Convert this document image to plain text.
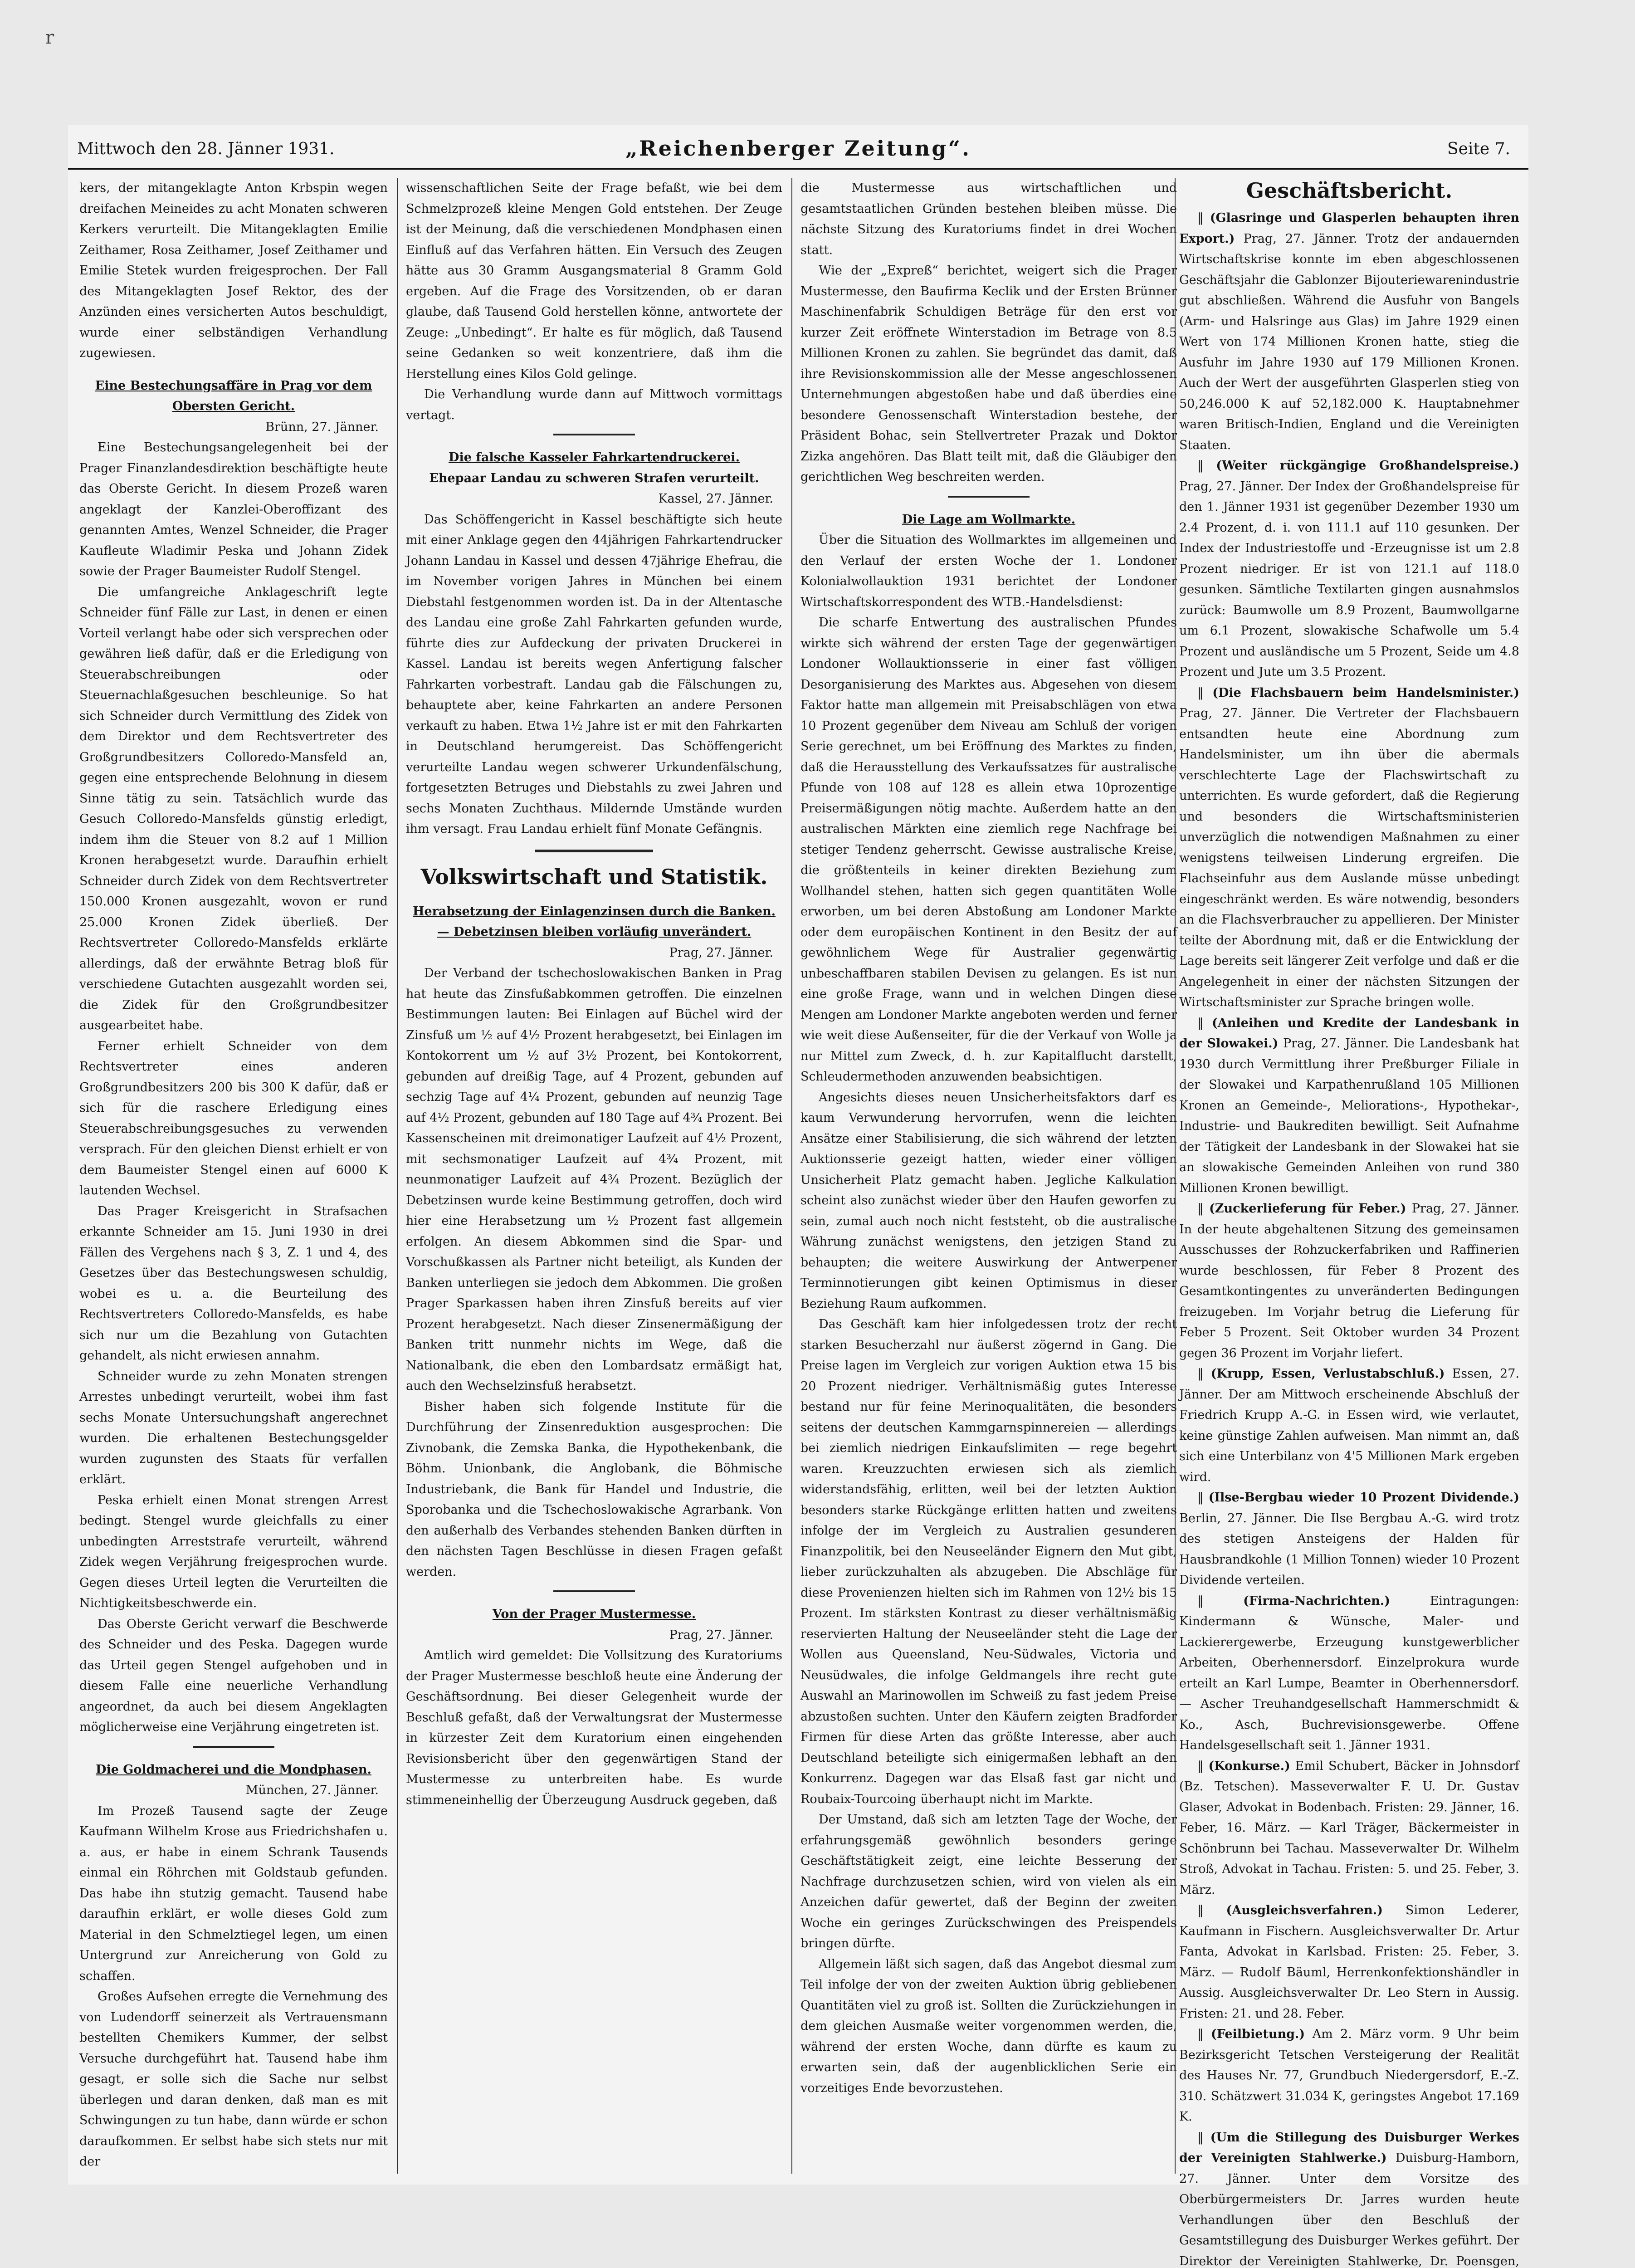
r
Mittwoch den 28. Jänner 1931.	„Reichenberger Zeitung“.	Seite 7.

kers, der mitangeklagte Anton Krbspin wegen dreifachen Meineides zu acht Monaten schweren Kerkers verurteilt. Die Mitangeklagten Emilie Zeithamer, Rosa Zeithamer, Josef Zeithamer und Emilie Stetek wurden freigesprochen. Der Fall des Mitangeklagten Josef Rektor, des der Anzünden eines versicherten Autos beschuldigt, wurde einer selbständigen Verhandlung zugewiesen.

Eine Bestechungsaffäre in Prag vor dem Obersten Gericht.

Brünn, 27. Jänner.

Eine Bestechungsangelegenheit bei der Prager Finanzlandesdirektion beschäftigte heute das Oberste Gericht. In diesem Prozeß waren angeklagt der Kanzlei-Oberoffizant des genannten Amtes, Wenzel Schneider, die Prager Kaufleute Wladimir Peska und Johann Zidek sowie der Prager Baumeister Rudolf Stengel.

Die umfangreiche Anklageschrift legte Schneider fünf Fälle zur Last, in denen er einen Vorteil verlangt habe oder sich versprechen oder gewähren ließ dafür, daß er die Erledigung von Steuerabschreibungen oder Steuernachlaßgesuchen beschleunige. So hat sich Schneider durch Vermittlung des Zidek von dem Direktor und dem Rechtsvertreter des Großgrundbesitzers Colloredo-Mansfeld an, gegen eine entsprechende Belohnung in diesem Sinne tätig zu sein. Tatsächlich wurde das Gesuch Colloredo-Mansfelds günstig erledigt, indem ihm die Steuer von 8.2 auf 1 Million Kronen herabgesetzt wurde. Daraufhin erhielt Schneider durch Zidek von dem Rechtsvertreter 150.000 Kronen ausgezahlt, wovon er rund 25.000 Kronen Zidek überließ. Der Rechtsvertreter Colloredo-Mansfelds erklärte allerdings, daß der erwähnte Betrag bloß für verschiedene Gutachten ausgezahlt worden sei, die Zidek für den Großgrundbesitzer ausgearbeitet habe.

Ferner erhielt Schneider von dem Rechtsvertreter eines anderen Großgrundbesitzers 200 bis 300 K dafür, daß er sich für die raschere Erledigung eines Steuerabschreibungsgesuches zu verwenden versprach. Für den gleichen Dienst erhielt er von dem Baumeister Stengel einen auf 6000 K lautenden Wechsel.

Das Prager Kreisgericht in Strafsachen erkannte Schneider am 15. Juni 1930 in drei Fällen des Vergehens nach § 3, Z. 1 und 4, des Gesetzes über das Bestechungswesen schuldig, wobei es u. a. die Beurteilung des Rechtsvertreters Colloredo-Mansfelds, es habe sich nur um die Bezahlung von Gutachten gehandelt, als nicht erwiesen annahm.

Schneider wurde zu zehn Monaten strengen Arrestes unbedingt verurteilt, wobei ihm fast sechs Monate Untersuchungshaft angerechnet wurden. Die erhaltenen Bestechungsgelder wurden zugunsten des Staats für verfallen erklärt.

Peska erhielt einen Monat strengen Arrest bedingt. Stengel wurde gleichfalls zu einer unbedingten Arreststrafe verurteilt, während Zidek wegen Verjährung freigesprochen wurde. Gegen dieses Urteil legten die Verurteilten die Nichtigkeitsbeschwerde ein.

Das Oberste Gericht verwarf die Beschwerde des Schneider und des Peska. Dagegen wurde das Urteil gegen Stengel aufgehoben und in diesem Falle eine neuerliche Verhandlung angeordnet, da auch bei diesem Angeklagten möglicherweise eine Verjährung eingetreten ist.

Die Goldmacherei und die Mondphasen.

München, 27. Jänner.

Im Prozeß Tausend sagte der Zeuge Kaufmann Wilhelm Krose aus Friedrichshafen u. a. aus, er habe in einem Schrank Tausends einmal ein Röhrchen mit Goldstaub gefunden. Das habe ihn stutzig gemacht. Tausend habe daraufhin erklärt, er wolle dieses Gold zum Material in den Schmelztiegel legen, um einen Untergrund zur Anreicherung von Gold zu schaffen.

Großes Aufsehen erregte die Vernehmung des von Ludendorff seinerzeit als Vertrauensmann bestellten Chemikers Kummer, der selbst Versuche durchgeführt hat. Tausend habe ihm gesagt, er solle sich die Sache nur selbst überlegen und daran denken, daß man es mit Schwingungen zu tun habe, dann würde er schon daraufkommen. Er selbst habe sich stets nur mit der

wissenschaftlichen Seite der Frage befaßt, wie bei dem Schmelzprozeß kleine Mengen Gold entstehen. Der Zeuge ist der Meinung, daß die verschiedenen Mondphasen einen Einfluß auf das Verfahren hätten. Ein Versuch des Zeugen hätte aus 30 Gramm Ausgangsmaterial 8 Gramm Gold ergeben. Auf die Frage des Vorsitzenden, ob er daran glaube, daß Tausend Gold herstellen könne, antwortete der Zeuge: „Unbedingt“. Er halte es für möglich, daß Tausend seine Gedanken so weit konzentriere, daß ihm die Herstellung eines Kilos Gold gelinge.

Die Verhandlung wurde dann auf Mittwoch vormittags vertagt.

Die falsche Kasseler Fahrkartendruckerei.

Ehepaar Landau zu schweren Strafen verurteilt.

Kassel, 27. Jänner.

Das Schöffengericht in Kassel beschäftigte sich heute mit einer Anklage gegen den 44jährigen Fahrkartendrucker Johann Landau in Kassel und dessen 47jährige Ehefrau, die im November vorigen Jahres in München bei einem Diebstahl festgenommen worden ist. Da in der Altentasche des Landau eine große Zahl Fahrkarten gefunden wurde, führte dies zur Aufdeckung der privaten Druckerei in Kassel. Landau ist bereits wegen Anfertigung falscher Fahrkarten vorbestraft. Landau gab die Fälschungen zu, behauptete aber, keine Fahrkarten an andere Personen verkauft zu haben. Etwa 1½ Jahre ist er mit den Fahrkarten in Deutschland herumgereist. Das Schöffengericht verurteilte Landau wegen schwerer Urkundenfälschung, fortgesetzten Betruges und Diebstahls zu zwei Jahren und sechs Monaten Zuchthaus. Mildernde Umstände wurden ihm versagt. Frau Landau erhielt fünf Monate Gefängnis.

Volkswirtschaft und Statistik.

Herabsetzung der Einlagenzinsen durch die Banken. — Debetzinsen bleiben vorläufig unverändert.

Prag, 27. Jänner.

Der Verband der tschechoslowakischen Banken in Prag hat heute das Zinsfußabkommen getroffen. Die einzelnen Bestimmungen lauten: Bei Einlagen auf Büchel wird der Zinsfuß um ½ auf 4½ Prozent herabgesetzt, bei Einlagen im Kontokorrent um ½ auf 3½ Prozent, bei Kontokorrent, gebunden auf dreißig Tage, auf 4 Prozent, gebunden auf sechzig Tage auf 4¼ Prozent, gebunden auf neunzig Tage auf 4½ Prozent, gebunden auf 180 Tage auf 4¾ Prozent. Bei Kassenscheinen mit dreimonatiger Laufzeit auf 4½ Prozent, mit sechsmonatiger Laufzeit auf 4¾ Prozent, mit neunmonatiger Laufzeit auf 4¾ Prozent. Bezüglich der Debetzinsen wurde keine Bestimmung getroffen, doch wird hier eine Herabsetzung um ½ Prozent fast allgemein erfolgen. An diesem Abkommen sind die Spar- und Vorschußkassen als Partner nicht beteiligt, als Kunden der Banken unterliegen sie jedoch dem Abkommen. Die großen Prager Sparkassen haben ihren Zinsfuß bereits auf vier Prozent herabgesetzt. Nach dieser Zinsenermäßigung der Banken tritt nunmehr nichts im Wege, daß die Nationalbank, die eben den Lombardsatz ermäßigt hat, auch den Wechselzinsfuß herabsetzt.

Bisher haben sich folgende Institute für die Durchführung der Zinsenreduktion ausgesprochen: Die Zivnobank, die Zemska Banka, die Hypothekenbank, die Böhm. Unionbank, die Anglobank, die Böhmische Industriebank, die Bank für Handel und Industrie, die Sporobanka und die Tschechoslowakische Agrarbank. Von den außerhalb des Verbandes stehenden Banken dürften in den nächsten Tagen Beschlüsse in diesen Fragen gefaßt werden.

Von der Prager Mustermesse.

Prag, 27. Jänner.

Amtlich wird gemeldet: Die Vollsitzung des Kuratoriums der Prager Mustermesse beschloß heute eine Änderung der Geschäftsordnung. Bei dieser Gelegenheit wurde der Beschluß gefaßt, daß der Verwaltungsrat der Mustermesse in kürzester Zeit dem Kuratorium einen eingehenden Revisionsbericht über den gegenwärtigen Stand der Mustermesse zu unterbreiten habe. Es wurde stimmeneinhellig der Überzeugung Ausdruck gegeben, daß

die Mustermesse aus wirtschaftlichen und gesamtstaatlichen Gründen bestehen bleiben müsse. Die nächste Sitzung des Kuratoriums findet in drei Wochen statt.

Wie der „Expreß“ berichtet, weigert sich die Prager Mustermesse, den Baufirma Keclik und der Ersten Brünner Maschinenfabrik Schuldigen Beträge für den erst vor kurzer Zeit eröffnete Winterstadion im Betrage von 8.5 Millionen Kronen zu zahlen. Sie begründet das damit, daß ihre Revisionskommission alle der Messe angeschlossenen Unternehmungen abgestoßen habe und daß überdies eine besondere Genossenschaft Winterstadion bestehe, der Präsident Bohac, sein Stellvertreter Prazak und Doktor Zizka angehören. Das Blatt teilt mit, daß die Gläubiger den gerichtlichen Weg beschreiten werden.

Die Lage am Wollmarkte.

Über die Situation des Wollmarktes im allgemeinen und den Verlauf der ersten Woche der 1. Londoner Kolonialwollauktion 1931 berichtet der Londoner Wirtschaftskorrespondent des WTB.-Handelsdienst:

Die scharfe Entwertung des australischen Pfundes wirkte sich während der ersten Tage der gegenwärtigen Londoner Wollauktionsserie in einer fast völligen Desorganisierung des Marktes aus. Abgesehen von diesem Faktor hatte man allgemein mit Preisabschlägen von etwa 10 Prozent gegenüber dem Niveau am Schluß der vorigen Serie gerechnet, um bei Eröffnung des Marktes zu finden, daß die Herausstellung des Verkaufssatzes für australische Pfunde von 108 auf 128 es allein etwa 10prozentige Preisermäßigungen nötig machte. Außerdem hatte an den australischen Märkten eine ziemlich rege Nachfrage bei stetiger Tendenz geherrscht. Gewisse australische Kreise, die größtenteils in keiner direkten Beziehung zum Wollhandel stehen, hatten sich gegen quantitäten Wolle erworben, um bei deren Abstoßung am Londoner Markte oder dem europäischen Kontinent in den Besitz der auf gewöhnlichem Wege für Australier gegenwärtig unbeschaffbaren stabilen Devisen zu gelangen. Es ist nun eine große Frage, wann und in welchen Dingen diese Mengen am Londoner Markte angeboten werden und ferner wie weit diese Außenseiter, für die der Verkauf von Wolle ja nur Mittel zum Zweck, d. h. zur Kapitalflucht darstellt, Schleudermethoden anzuwenden beabsichtigen.

Angesichts dieses neuen Unsicherheitsfaktors darf es kaum Verwunderung hervorrufen, wenn die leichten Ansätze einer Stabilisierung, die sich während der letzten Auktionsserie gezeigt hatten, wieder einer völligen Unsicherheit Platz gemacht haben. Jegliche Kalkulation scheint also zunächst wieder über den Haufen geworfen zu sein, zumal auch noch nicht feststeht, ob die australische Währung zunächst wenigstens, den jetzigen Stand zu behaupten; die weitere Auswirkung der Antwerpener Terminnotierungen gibt keinen Optimismus in dieser Beziehung Raum aufkommen.

Das Geschäft kam hier infolgedessen trotz der recht starken Besucherzahl nur äußerst zögernd in Gang. Die Preise lagen im Vergleich zur vorigen Auktion etwa 15 bis 20 Prozent niedriger. Verhältnismäßig gutes Interesse bestand nur für feine Merinoqualitäten, die besonders seitens der deutschen Kammgarnspinnereien — allerdings bei ziemlich niedrigen Einkaufslimiten — rege begehrt waren. Kreuzzuchten erwiesen sich als ziemlich widerstandsfähig, erlitten, weil bei der letzten Auktion besonders starke Rückgänge erlitten hatten und zweitens infolge der im Vergleich zu Australien gesunderen Finanzpolitik, bei den Neuseeländer Eignern den Mut gibt, lieber zurückzuhalten als abzugeben. Die Abschläge für diese Provenienzen hielten sich im Rahmen von 12½ bis 15 Prozent. Im stärksten Kontrast zu dieser verhältnismäßig reservierten Haltung der Neuseeländer steht die Lage der Wollen aus Queensland, Neu-Südwales, Victoria und Neusüdwales, die infolge Geldmangels ihre recht gute Auswahl an Marinowollen im Schweiß zu fast jedem Preise abzustoßen suchten. Unter den Käufern zeigten Bradforder Firmen für diese Arten das größte Interesse, aber auch Deutschland beteiligte sich einigermaßen lebhaft an den Konkurrenz. Dagegen war das Elsaß fast gar nicht und Roubaix-Tourcoing überhaupt nicht im Markte.

Der Umstand, daß sich am letzten Tage der Woche, der erfahrungsgemäß gewöhnlich besonders geringe Geschäftstätigkeit zeigt, eine leichte Besserung der Nachfrage durchzusetzen schien, wird von vielen als ein Anzeichen dafür gewertet, daß der Beginn der zweiten Woche ein geringes Zurückschwingen des Preispendels bringen dürfte.

Allgemein läßt sich sagen, daß das Angebot diesmal zum Teil infolge der von der zweiten Auktion übrig gebliebenen Quantitäten viel zu groß ist. Sollten die Zurückziehungen in dem gleichen Ausmaße weiter vorgenommen werden, die, während der ersten Woche, dann dürfte es kaum zu erwarten sein, daß der augenblicklichen Serie ein vorzeitiges Ende bevorzustehen.

Geschäftsbericht.

‖ (Glasringe und Glasperlen behaupten ihren Export.) Prag, 27. Jänner. Trotz der andauernden Wirtschaftskrise konnte im eben abgeschlossenen Geschäftsjahr die Gablonzer Bijouteriewarenindustrie gut abschließen. Während die Ausfuhr von Bangels (Arm- und Halsringe aus Glas) im Jahre 1929 einen Wert von 174 Millionen Kronen hatte, stieg die Ausfuhr im Jahre 1930 auf 179 Millionen Kronen. Auch der Wert der ausgeführten Glasperlen stieg von 50,246.000 K auf 52,182.000 K. Hauptabnehmer waren Britisch-Indien, England und die Vereinigten Staaten.

‖ (Weiter rückgängige Großhandelspreise.) Prag, 27. Jänner. Der Index der Großhandelspreise für den 1. Jänner 1931 ist gegenüber Dezember 1930 um 2.4 Prozent, d. i. von 111.1 auf 110 gesunken. Der Index der Industriestoffe und -Erzeugnisse ist um 2.8 Prozent niedriger. Er ist von 121.1 auf 118.0 gesunken. Sämtliche Textilarten gingen ausnahmslos zurück: Baumwolle um 8.9 Prozent, Baumwollgarne um 6.1 Prozent, slowakische Schafwolle um 5.4 Prozent und ausländische um 5 Prozent, Seide um 4.8 Prozent und Jute um 3.5 Prozent.

‖ (Die Flachsbauern beim Handelsminister.) Prag, 27. Jänner. Die Vertreter der Flachsbauern entsandten heute eine Abordnung zum Handelsminister, um ihn über die abermals verschlechterte Lage der Flachswirtschaft zu unterrichten. Es wurde gefordert, daß die Regierung und besonders die Wirtschaftsministerien unverzüglich die notwendigen Maßnahmen zu einer wenigstens teilweisen Linderung ergreifen. Die Flachseinfuhr aus dem Auslande müsse unbedingt eingeschränkt werden. Es wäre notwendig, besonders an die Flachsverbraucher zu appellieren. Der Minister teilte der Abordnung mit, daß er die Entwicklung der Lage bereits seit längerer Zeit verfolge und daß er die Angelegenheit in einer der nächsten Sitzungen der Wirtschaftsminister zur Sprache bringen wolle.

‖ (Anleihen und Kredite der Landesbank in der Slowakei.) Prag, 27. Jänner. Die Landesbank hat 1930 durch Vermittlung ihrer Preßburger Filiale in der Slowakei und Karpathenrußland 105 Millionen Kronen an Gemeinde-, Meliorations-, Hypothekar-, Industrie- und Baukrediten bewilligt. Seit Aufnahme der Tätigkeit der Landesbank in der Slowakei hat sie an slowakische Gemeinden Anleihen von rund 380 Millionen Kronen bewilligt.

‖ (Zuckerlieferung für Feber.) Prag, 27. Jänner. In der heute abgehaltenen Sitzung des gemeinsamen Ausschusses der Rohzuckerfabriken und Raffinerien wurde beschlossen, für Feber 8 Prozent des Gesamtkontingentes zu unveränderten Bedingungen freizugeben. Im Vorjahr betrug die Lieferung für Feber 5 Prozent. Seit Oktober wurden 34 Prozent gegen 36 Prozent im Vorjahr liefert.

‖ (Krupp, Essen, Verlustabschluß.) Essen, 27. Jänner. Der am Mittwoch erscheinende Abschluß der Friedrich Krupp A.-G. in Essen wird, wie verlautet, keine günstige Zahlen aufweisen. Man nimmt an, daß sich eine Unterbilanz von 4'5 Millionen Mark ergeben wird.

‖ (Ilse-Bergbau wieder 10 Prozent Dividende.) Berlin, 27. Jänner. Die Ilse Bergbau A.-G. wird trotz des stetigen Ansteigens der Halden für Hausbrandkohle (1 Million Tonnen) wieder 10 Prozent Dividende verteilen.

‖ (Firma-Nachrichten.)	Eintragungen: Kindermann & Wünsche, Maler- und Lackierergewerbe, Erzeugung kunstgewerblicher Arbeiten, Oberhennersdorf. Einzelprokura wurde erteilt an Karl Lumpe, Beamter in Oberhennersdorf. — Ascher Treuhandgesellschaft Hammerschmidt & Ko., Asch, Buchrevisionsgewerbe. Offene Handelsgesellschaft seit 1. Jänner 1931.

‖ (Konkurse.) Emil Schubert, Bäcker in Johnsdorf (Bz. Tetschen). Masseverwalter F. U. Dr. Gustav Glaser, Advokat in Bodenbach. Fristen: 29. Jänner, 16. Feber, 16. März. — Karl Träger, Bäckermeister in Schönbrunn bei Tachau. Masseverwalter Dr. Wilhelm Stroß, Advokat in Tachau. Fristen: 5. und 25. Feber, 3. März.

‖ (Ausgleichsverfahren.) Simon Lederer, Kaufmann in Fischern. Ausgleichsverwalter Dr. Artur Fanta, Advokat in Karlsbad. Fristen: 25. Feber, 3. März. — Rudolf Bäuml, Herrenkonfektionshändler in Aussig. Ausgleichsverwalter Dr. Leo Stern in Aussig. Fristen: 21. und 28. Feber.

‖ (Feilbietung.) Am 2. März vorm. 9 Uhr beim Bezirksgericht Tetschen Versteigerung der Realität des Hauses Nr. 77, Grundbuch Niedergersdorf, E.-Z. 310. Schätzwert 31.034 K, geringstes Angebot 17.169 K.

‖ (Um die Stillegung des Duisburger Werkes der Vereinigten Stahlwerke.) Duisburg-Hamborn, 27. Jänner. Unter dem Vorsitze des Oberbürgermeisters Dr. Jarres wurden heute Verhandlungen über den Beschluß der Gesamtstillegung des Duisburger Werkes geführt. Der Direktor der Vereinigten Stahlwerke, Dr. Poensgen,
